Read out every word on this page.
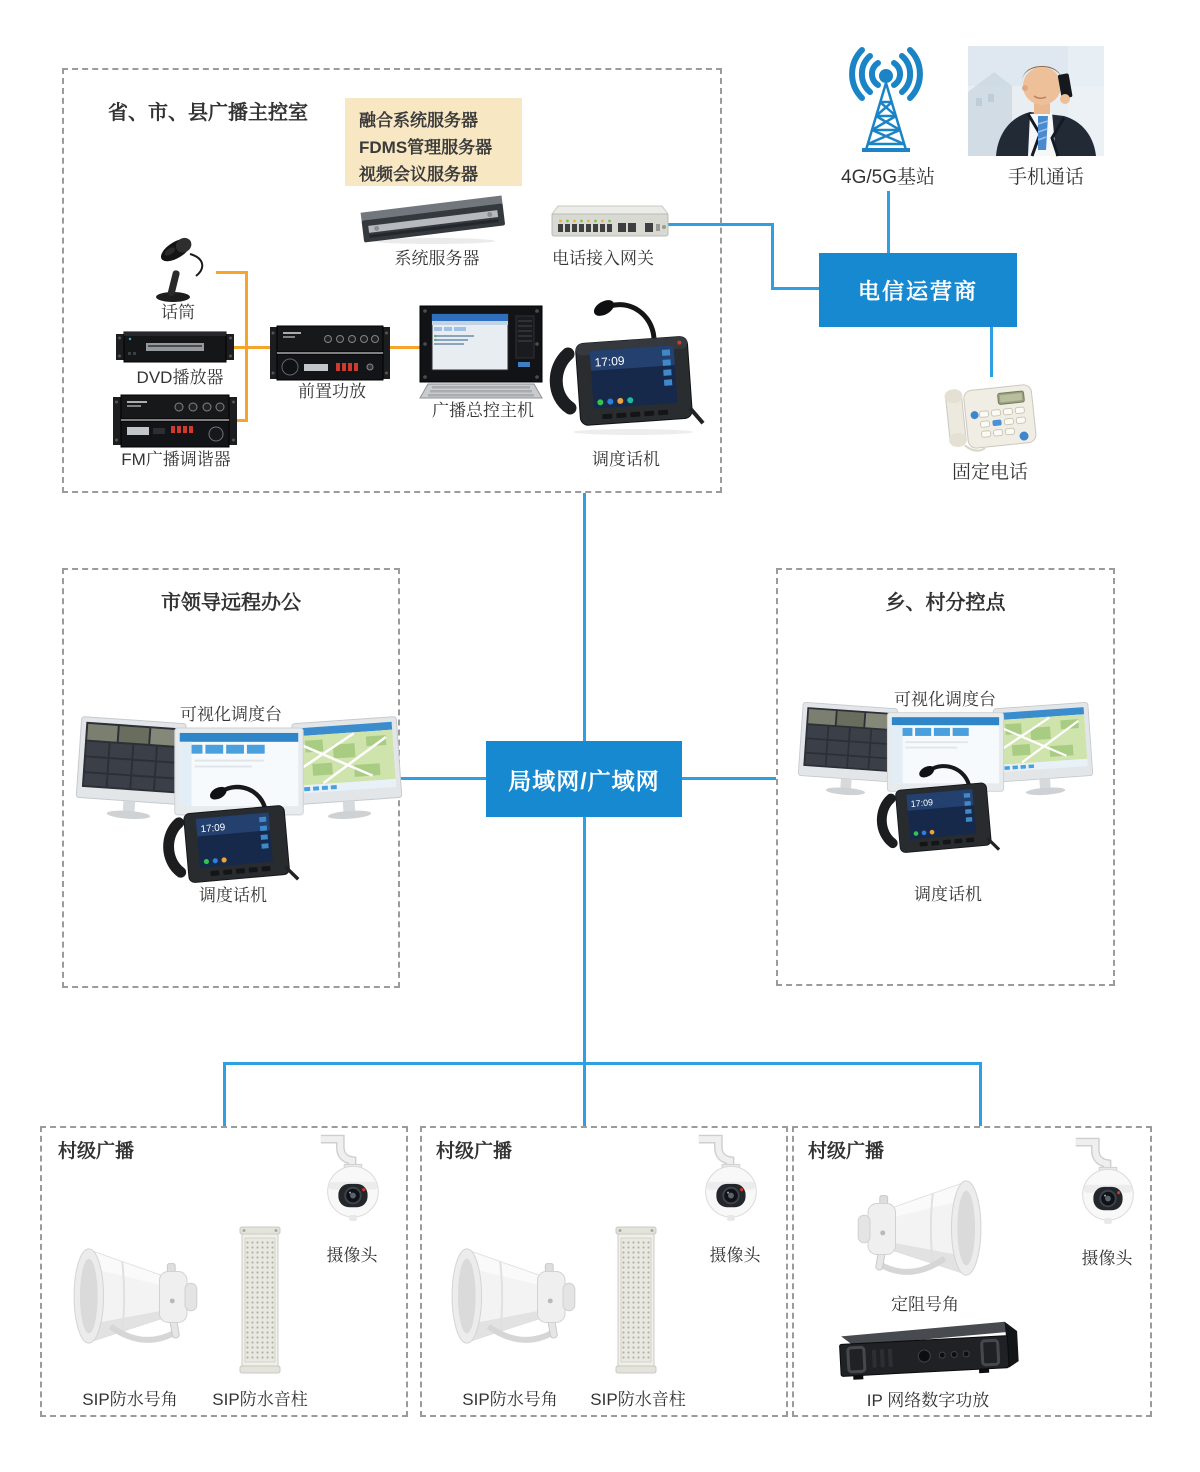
省、市、县广播主控室	融合系统服务器
FDMS管理服务器
视频会议服务器
系统服务器	电话接入网关
话筒
DVD播放器
FM广播调谐器
前置功放
广播总控主机
17:09
调度话机
4G/5G基站	手机通话
电信运营商
固定电话
局域网/广域网
市领导远程办公
可视化调度台
17:09
调度话机
乡、村分控点
可视化调度台
17:09
调度话机
村级广播
SIP防水号角	SIP防水音柱
摄像头
村级广播
SIP防水号角	SIP防水音柱
摄像头
村级广播
定阻号角
摄像头
IP 网络数字功放
